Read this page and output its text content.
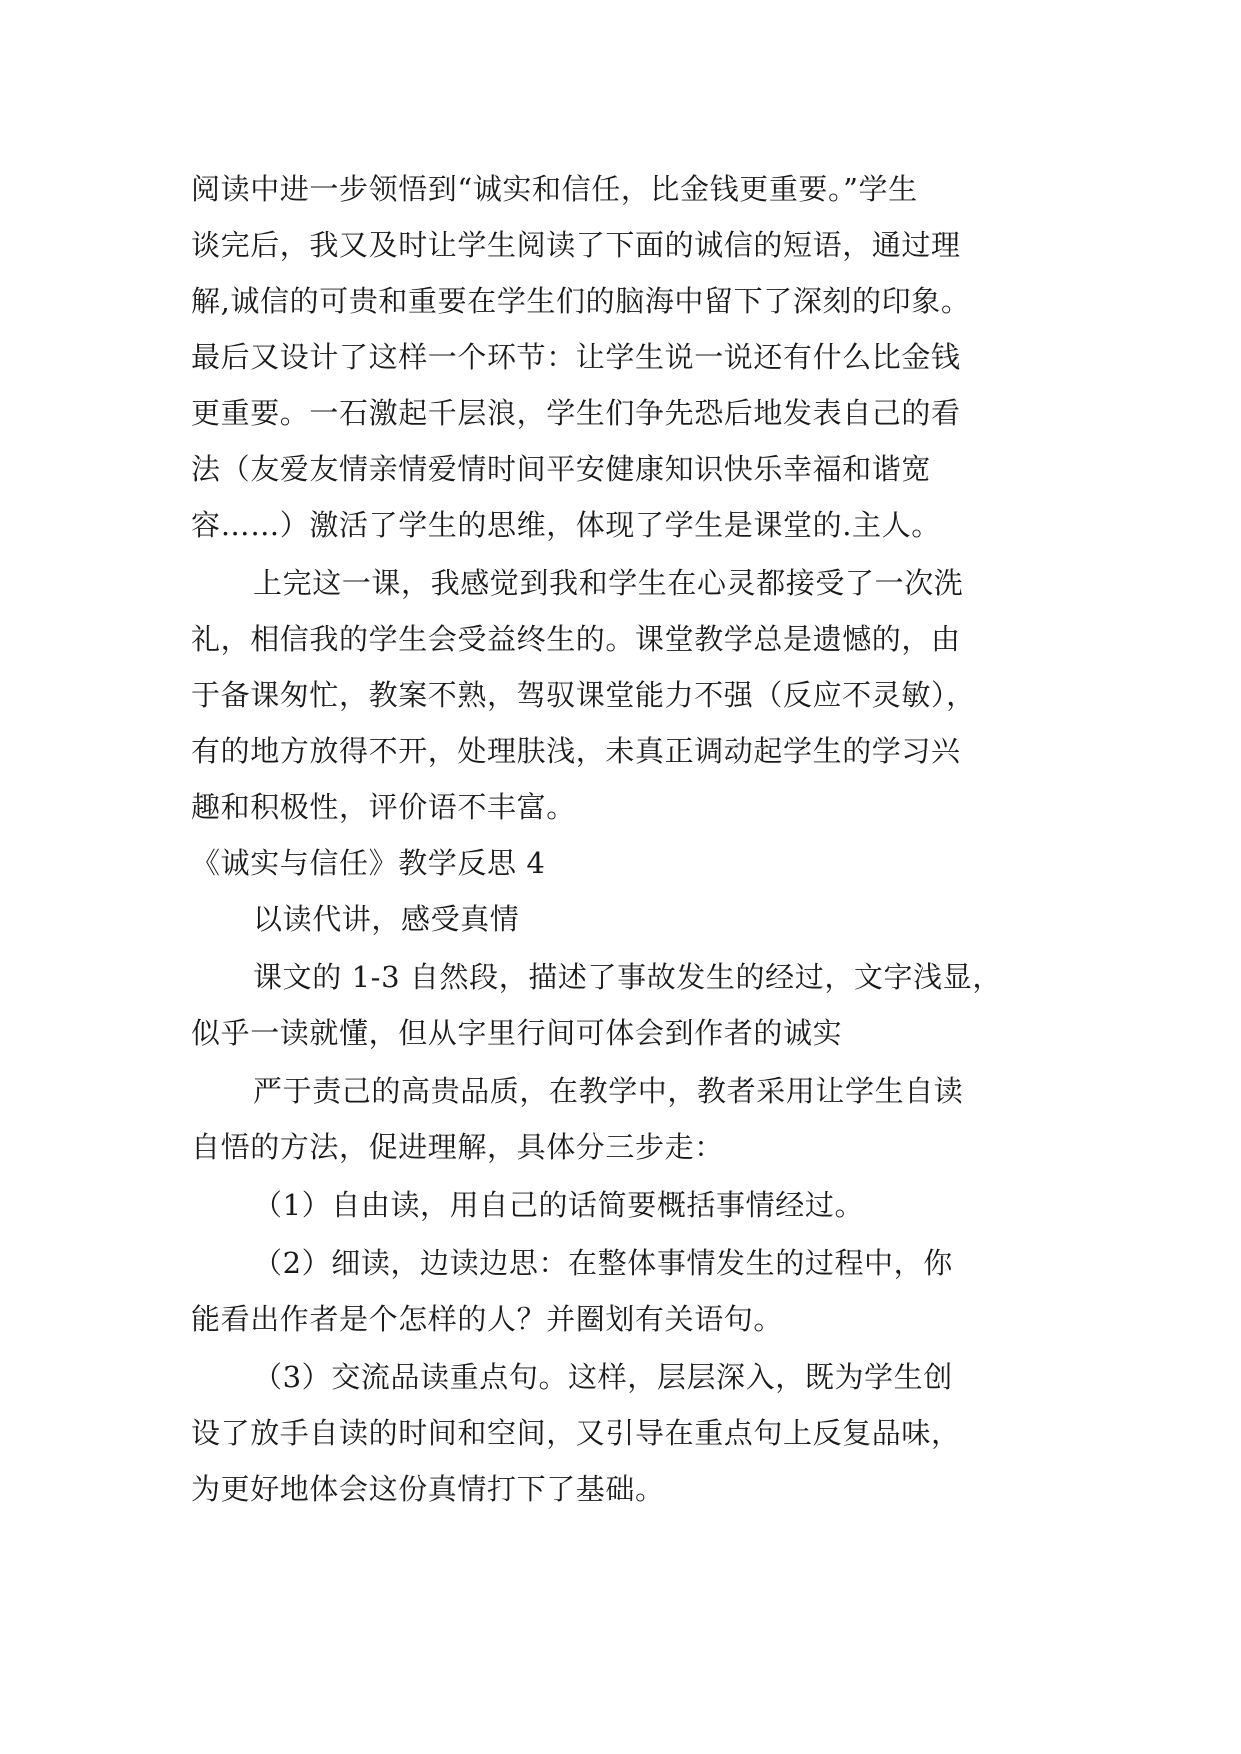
阅读中进一步领悟到“诚实和信任，比金钱更重要。”学生
谈完后，我又及时让学生阅读了下面的诚信的短语，通过理
解,诚信的可贵和重要在学生们的脑海中留下了深刻的印象。
最后又设计了这样一个环节：让学生说一说还有什么比金钱
更重要。一石激起千层浪，学生们争先恐后地发表自己的看
法（友爱友情亲情爱情时间平安健康知识快乐幸福和谐宽
容……）激活了学生的思维，体现了学生是课堂的.主人。
上完这一课，我感觉到我和学生在心灵都接受了一次洗
礼，相信我的学生会受益终生的。课堂教学总是遗憾的，由
于备课匆忙，教案不熟，驾驭课堂能力不强（反应不灵敏），
有的地方放得不开，处理肤浅，未真正调动起学生的学习兴
趣和积极性，评价语不丰富。
《诚实与信任》教学反思 4
以读代讲，感受真情
课文的 1-3 自然段，描述了事故发生的经过，文字浅显，
似乎一读就懂，但从字里行间可体会到作者的诚实
严于责己的高贵品质，在教学中，教者采用让学生自读
自悟的方法，促进理解，具体分三步走：
（1）自由读，用自己的话简要概括事情经过。
（2）细读，边读边思：在整体事情发生的过程中，你
能看出作者是个怎样的人？并圈划有关语句。
（3）交流品读重点句。这样，层层深入，既为学生创
设了放手自读的时间和空间，又引导在重点句上反复品味，
为更好地体会这份真情打下了基础。
